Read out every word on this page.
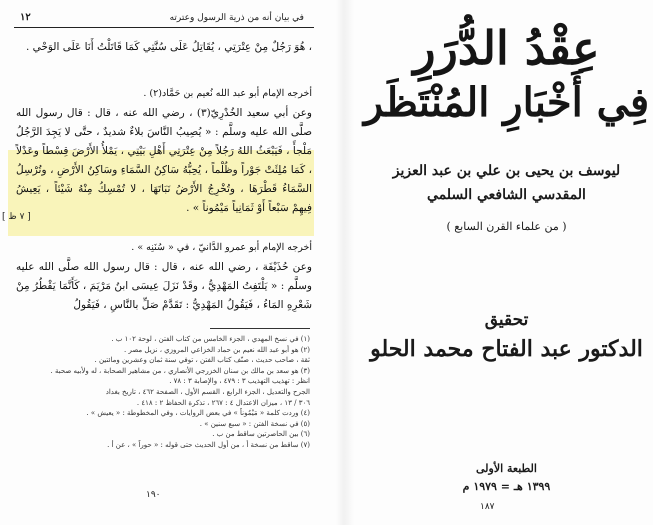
في بيان أنه من ذرية الرسول وعترته
١٢

، هُوَ رَجُلٌ مِنْ عِتْرَتِي ، يُقَاتِلُ عَلَى سُنَّتِي كَمَا قَاتَلْتُ أَنَا عَلَى الوَحْي .

أخرجه الإمام أبو عبد الله نُعيم بن حَمَّاد(٢) .

وعن أبي سعيد الخُدْرِيّ(٣) ، رضي الله عنه ، قال : قال رسول الله صلَّى الله عليه وسلَّم : « يُصِيبُ النَّاسَ بلاءٌ شديدٌ ، حتَّى لا يَجِدَ الرَّجُلُ مَلْجأً ، فَيَبْعَثُ اللهُ رَجُلاً مِنْ عِتْرَتِي أَهْلِ بَيْتِي ، يَمْلأُ الأَرْضَ قِسْطاً وعَدْلاً ، كَمَا مُلِئَتْ جَوْراً وظُلْماً ، يُحِبُّهُ سَاكِنُ السَّمَاءِ وسَاكِنُ الأَرْضِ ، وتُرْسِلُ السَّمَاءُ قَطْرَهَا ، وتُخْرِجُ الأَرْضُ نَبَاتَهَا ، لا تُمْسِكُ مِنْهُ شَيْئاً ، يَعِيشُ فِيهِمْ سَبْعاً أَوْ ثَمَانِياً مَيْمُوناً » .

أخرجه الإمام أبو عمرو الدَّانيّ ، في « سُنَنِه » .

وعن حُذَيْفَة ، رضي الله عنه ، قال : قال رسول الله صلَّى الله عليه وسلَّم : « يَلْتَفِتُ المَهْدِيُّ ، وقَدْ نَزَلَ عِيسَى ابنُ مَرْيَمَ ، كَأَنَّمَا يَقْطُرُ مِنْ شَعْرِهِ المَاءُ ، فَيَقُولُ المَهْدِيُّ : تَقَدَّمْ صَلِّ بالنَّاسِ ، فَيَقُولُ

[ ٧ ظ ]
(١) في نسخ المهدي ، الجزء الخامس من كتاب الفتن ، لوحة ١٠٢ ب .
(٢) هو أبو عبد الله نعيم بن حماد الخزاعي المروزي ، نزيل مصر .
ثقة ، صاحب حديث ، صنّف كتاب الفتن ، توفي سنة ثمان وعشرين ومائتين .
(٣) هو سعد بن مالك بن سنان الخزرجي الأنصاري ، من مشاهير الصحابة ، له ولأبيه صحبة .
انظر : تهذيب التهذيب ٣ : ٤٧٩ ، والإصابة ٣ : ٧٨ .
الجرح والتعديل ، الجزء الرابع ، القسم الأول ، الصفحة ٤٦٢ ، تاريخ بغداد
٣٠٦ / ١٣ ، ميزان الاعتدال ٤ : ٢٦٧ ، تذكرة الحفاظ ٢ : ٤١٨ .
(٤) وردت كلمة « مَيْمُوناً » في بعض الروايات ، وفي المخطوطة : « يعيش » .
(٥) في نسخة الفتن : « سبع سنين » .
(٦) بين الحاصرتين ساقط من ب .
(٧) ساقط من نسخة أ ، من أول الحديث حتى قوله : « حوراً » ، عن أ .
١٩٠
عِقْدُ الدُّرَرِ
فِي أَخْبَارِ المُنْتَظَر
ليوسف بن يحيى بن علي بن عبد العزيز
المقدسي الشافعي السلمي
( من علماء القرن السابع )
تحقيق
الدكتور عبد الفتاح محمد الحلو
الطبعة الأولى
١٣٩٩ هـ = ١٩٧٩ م
١٨٧
